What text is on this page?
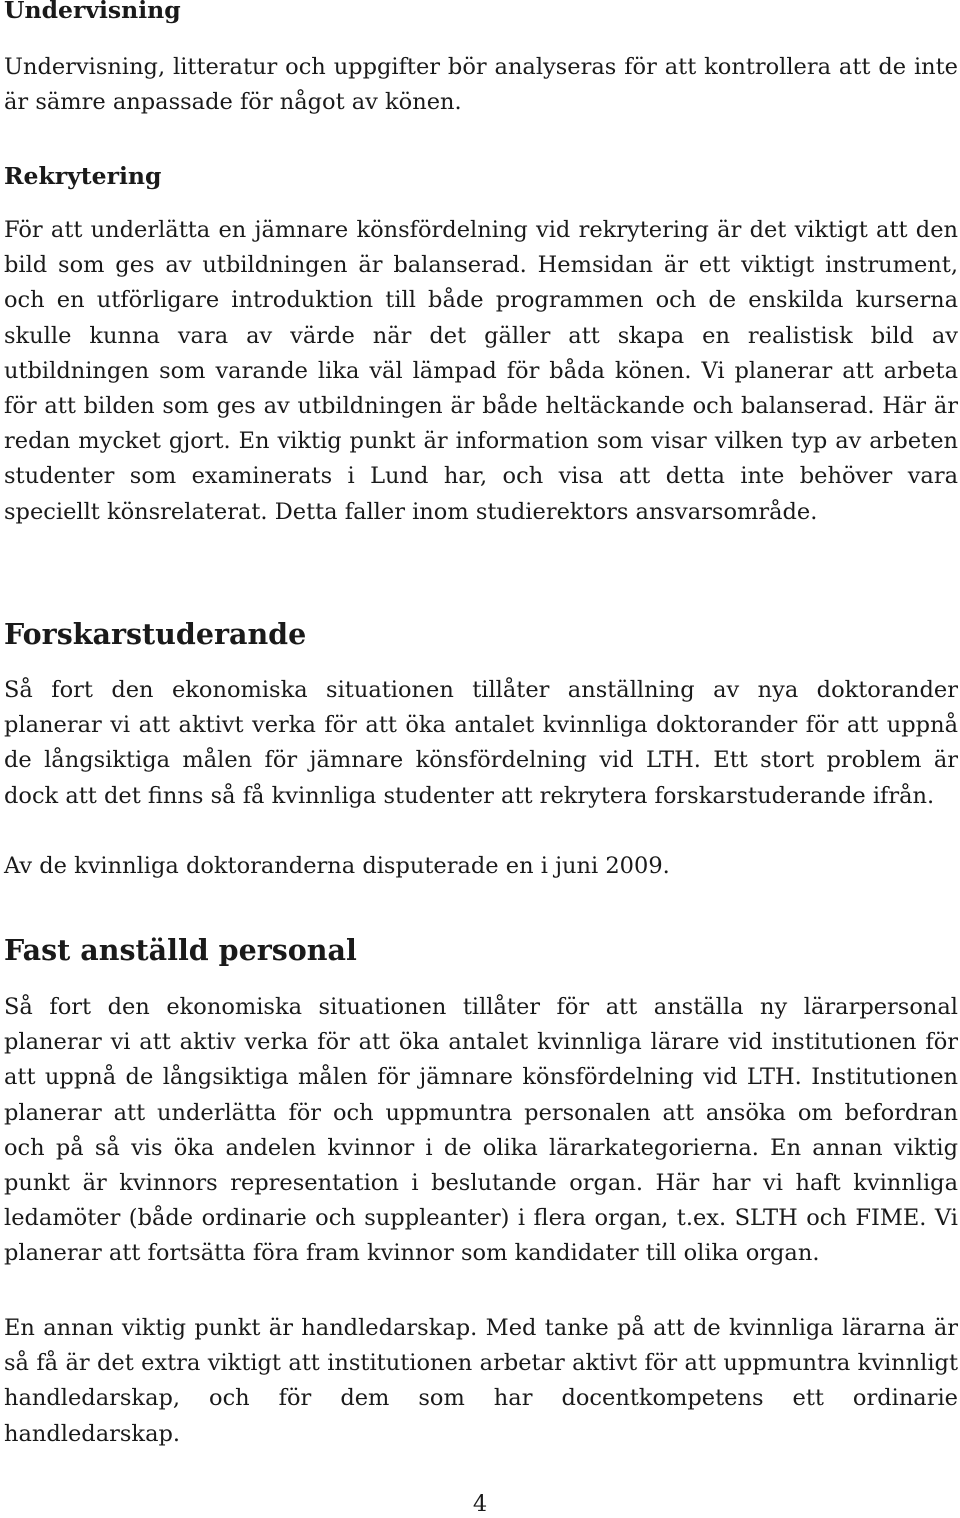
Undervisning

Undervisning, litteratur och uppgifter bör analyseras för att kontrollera att de inte är sämre anpassade för något av könen.

Rekrytering

För att underlätta en jämnare könsfördelning vid rekrytering är det viktigt att den bild som ges av utbildningen är balanserad. Hemsidan är ett viktigt instrument, och en utförligare introduktion till både programmen och de enskilda kurserna skulle kunna vara av värde när det gäller att skapa en realistisk bild av utbildningen som varande lika väl lämpad för båda könen. Vi planerar att arbeta för att bilden som ges av utbildningen är både heltäckande och balanserad. Här är redan mycket gjort. En viktig punkt är information som visar vilken typ av arbeten studenter som examinerats i Lund har, och visa att detta inte behöver vara speciellt könsrelaterat. Detta faller inom studierektors ansvarsområde.

Forskarstuderande

Så fort den ekonomiska situationen tillåter anställning av nya doktorander planerar vi att aktivt verka för att öka antalet kvinnliga doktorander för att uppnå de långsiktiga målen för jämnare könsfördelning vid LTH. Ett stort problem är dock att det finns så få kvinnliga studenter att rekrytera forskarstuderande ifrån.

Av de kvinnliga doktoranderna disputerade en i juni 2009.

Fast anställd personal

Så fort den ekonomiska situationen tillåter för att anställa ny lärarpersonal planerar vi att aktiv verka för att öka antalet kvinnliga lärare vid institutionen för att uppnå de långsiktiga målen för jämnare könsfördelning vid LTH. Institutionen planerar att underlätta för och uppmuntra personalen att ansöka om befordran och på så vis öka andelen kvinnor i de olika lärarkategorierna. En annan viktig punkt är kvinnors representation i beslutande organ. Här har vi haft kvinnliga ledamöter (både ordinarie och suppleanter) i flera organ, t.ex. SLTH och FIME. Vi planerar att fortsätta föra fram kvinnor som kandidater till olika organ.

En annan viktig punkt är handledarskap. Med tanke på att de kvinnliga lärarna är så få är det extra viktigt att institutionen arbetar aktivt för att uppmuntra kvinnligt handledarskap, och för dem som har docentkompetens ett ordinarie handledarskap.

4
